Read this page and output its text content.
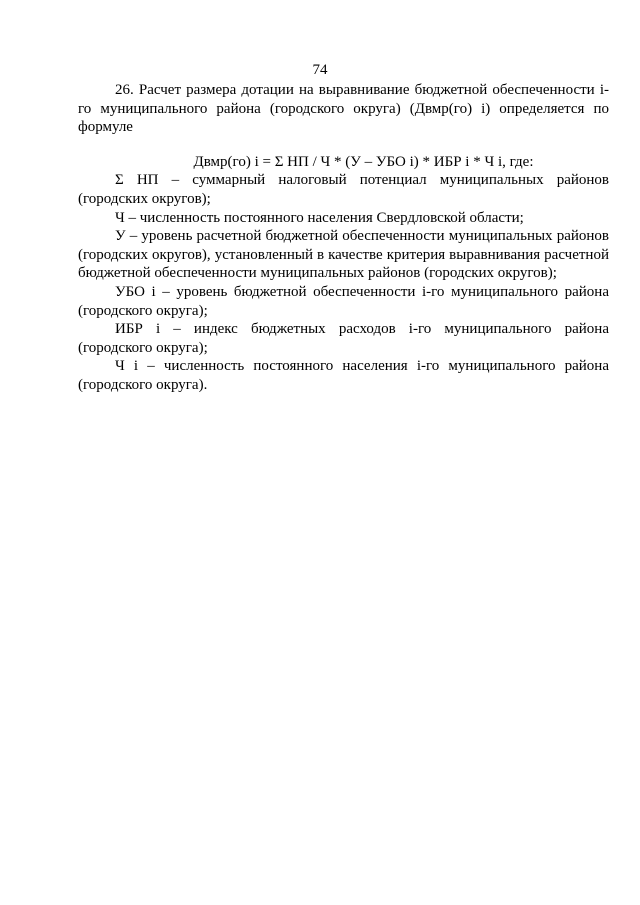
74

26. Расчет размера дотации на выравнивание бюджетной обеспеченности i-го муниципального района (городского округа) (Двмр(го) i) определяется по формуле

Двмр(го) i = Σ НП / Ч * (У – УБО i) * ИБР i * Ч i, где:

Σ НП – суммарный налоговый потенциал муниципальных районов (городских округов);

Ч – численность постоянного населения Свердловской области;

У – уровень расчетной бюджетной обеспеченности муниципальных районов (городских округов), установленный в качестве критерия выравнивания расчетной бюджетной обеспеченности муниципальных районов (городских округов);

УБО i – уровень бюджетной обеспеченности i-го муниципального района (городского округа);

ИБР i – индекс бюджетных расходов i-го муниципального района (городского округа);

Ч i – численность постоянного населения i-го муниципального района (городского округа).
